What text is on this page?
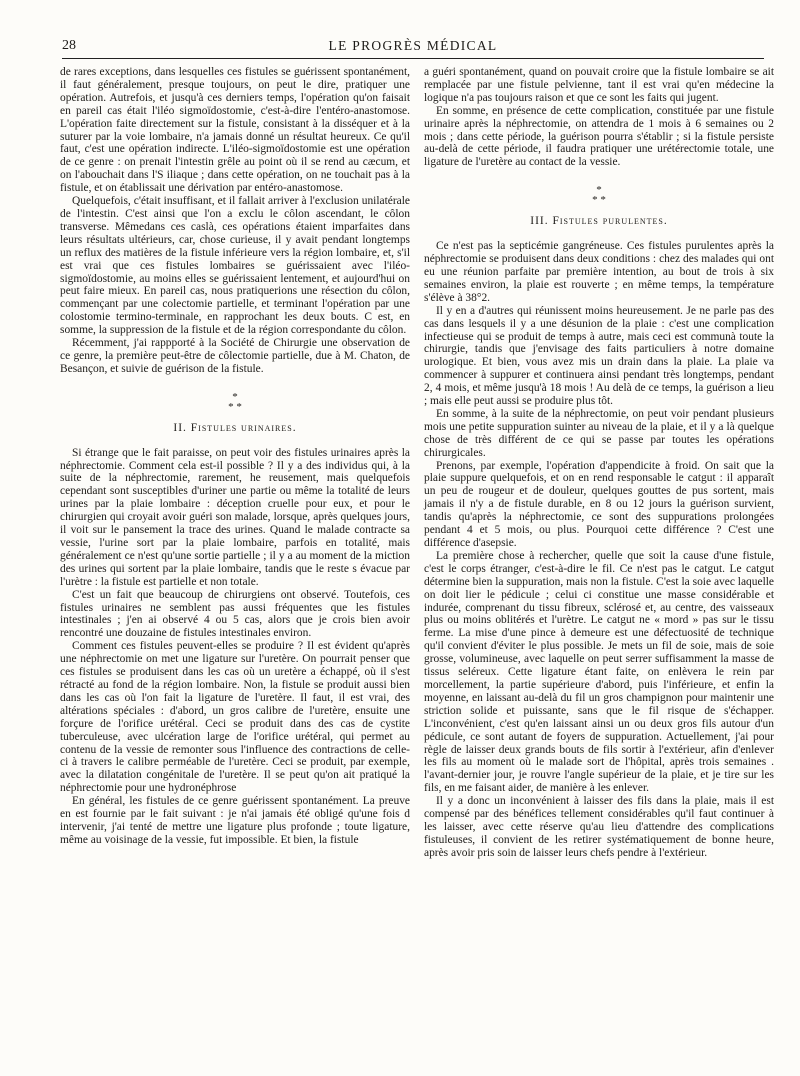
28	LE PROGRÈS MÉDICAL

de rares exceptions, dans lesquelles ces fistules se guérissent spontanément, il faut généralement, presque toujours, on peut le dire, pratiquer une opération. Autrefois, et jusqu'à ces derniers temps, l'opération qu'on faisait en pareil cas était l'iléo sigmoïdostomie, c'est-à-dire l'entéro-anastomose. L'opération faite directement sur la fistule, consistant à la disséquer et à la suturer par la voie lombaire, n'a jamais donné un résultat heureux. Ce qu'il faut, c'est une opération indirecte. L'iléo-sigmoïdostomie est une opération de ce genre : on prenait l'intestin grêle au point où il se rend au cæcum, et on l'abouchait dans l'S iliaque ; dans cette opération, on ne touchait pas à la fistule, et on établissait une dérivation par entéro-anastomose.

Quelquefois, c'était insuffisant, et il fallait arriver à l'exclusion unilatérale de l'intestin. C'est ainsi que l'on a exclu le côlon ascendant, le côlon transverse. Mêmedans ces caslà, ces opérations étaient imparfaites dans leurs résultats ultérieurs, car, chose curieuse, il y avait pendant longtemps un reflux des matières de la fistule inférieure vers la région lombaire, et, s'il est vrai que ces fistules lombaires se guérissaient avec l'iléo-sigmoïdostomie, au moins elles se guérissaient lentement, et aujourd'hui on peut faire mieux. En pareil cas, nous pratiquerions une résection du côlon, commençant par une colectomie partielle, et terminant l'opération par une colostomie termino-terminale, en rapprochant les deux bouts. C est, en somme, la suppression de la fistule et de la région correspondante du côlon.

Récemment, j'ai rappporté à la Société de Chirurgie une observation de ce genre, la première peut-être de côlectomie partielle, due à M. Chaton, de Besançon, et suivie de guérison de la fistule.

*
* *
II. Fistules urinaires.

Si étrange que le fait paraisse, on peut voir des fistules urinaires après la néphrectomie. Comment cela est-il possible ? Il y a des individus qui, à la suite de la néphrectomie, rarement, he reusement, mais quelquefois cependant sont susceptibles d'uriner une partie ou même la totalité de leurs urines par la plaie lombaire : déception cruelle pour eux, et pour le chirurgien qui croyait avoir guéri son malade, lorsque, après quelques jours, il voit sur le pansement la trace des urines. Quand le malade contracte sa vessie, l'urine sort par la plaie lombaire, parfois en totalité, mais généralement ce n'est qu'une sortie partielle ; il y a au moment de la miction des urines qui sortent par la plaie lombaire, tandis que le reste s évacue par l'urètre : la fistule est partielle et non totale.

C'est un fait que beaucoup de chirurgiens ont observé. Toutefois, ces fistules urinaires ne semblent pas aussi fréquentes que les fistules intestinales ; j'en ai observé 4 ou 5 cas, alors que je crois bien avoir rencontré une douzaine de fistules intestinales environ.

Comment ces fistules peuvent-elles se produire ? Il est évident qu'après une néphrectomie on met une ligature sur l'uretère. On pourrait penser que ces fistules se produisent dans les cas où un uretère a échappé, où il s'est rétracté au fond de la région lombaire. Non, la fistule se produit aussi bien dans les cas où l'on fait la ligature de l'uretère. Il faut, il est vrai, des altérations spéciales : d'abord, un gros calibre de l'uretère, ensuite une forçure de l'orifice urétéral. Ceci se produit dans des cas de cystite tuberculeuse, avec ulcération large de l'orifice urétéral, qui permet au contenu de la vessie de remonter sous l'influence des contractions de celle-ci à travers le calibre perméable de l'uretère. Ceci se produit, par exemple, avec la dilatation congénitale de l'uretère. Il se peut qu'on ait pratiqué la néphrectomie pour une hydronéphrose

En général, les fistules de ce genre guérissent spontanément. La preuve en est fournie par le fait suivant : je n'ai jamais été obligé qu'une fois d intervenir, j'ai tenté de mettre une ligature plus profonde ; toute ligature, même au voisinage de la vessie, fut impossible. Et bien, la fistule

a guéri spontanément, quand on pouvait croire que la fistule lombaire se ait remplacée par une fistule pelvienne, tant il est vrai qu'en médecine la logique n'a pas toujours raison et que ce sont les faits qui jugent.

En somme, en présence de cette complication, constituée par une fistule urinaire après la néphrectomie, on attendra de 1 mois à 6 semaines ou 2 mois ; dans cette période, la guérison pourra s'établir ; si la fistule persiste au-delà de cette période, il faudra pratiquer une urétérectomie totale, une ligature de l'uretère au contact de la vessie.

*
* *
III. Fistules purulentes.

Ce n'est pas la septicémie gangréneuse. Ces fistules purulentes après la néphrectomie se produisent dans deux conditions : chez des malades qui ont eu une réunion parfaite par première intention, au bout de trois à six semaines environ, la plaie est rouverte ; en même temps, la température s'élève à 38°2.

Il y en a d'autres qui réunissent moins heureusement. Je ne parle pas des cas dans lesquels il y a une désunion de la plaie : c'est une complication infectieuse qui se produit de temps à autre, mais ceci est communà toute la chirurgie, tandis que j'envisage des faits particuliers à notre domaine urologique. Et bien, vous avez mis un drain dans la plaie. La plaie va commencer à suppurer et continuera ainsi pendant très longtemps, pendant 2, 4 mois, et même jusqu'à 18 mois ! Au delà de ce temps, la guérison a lieu ; mais elle peut aussi se produire plus tôt.

En somme, à la suite de la néphrectomie, on peut voir pendant plusieurs mois une petite suppuration suinter au niveau de la plaie, et il y a là quelque chose de très différent de ce qui se passe par toutes les opérations chirurgicales.

Prenons, par exemple, l'opération d'appendicite à froid. On sait que la plaie suppure quelquefois, et on en rend responsable le catgut : il apparaît un peu de rougeur et de douleur, quelques gouttes de pus sortent, mais jamais il n'y a de fistule durable, en 8 ou 12 jours la guérison survient, tandis qu'après la néphrectomie, ce sont des suppurations prolongées pendant 4 et 5 mois, ou plus. Pourquoi cette différence ? C'est une différence d'asepsie.

La première chose à rechercher, quelle que soit la cause d'une fistule, c'est le corps étranger, c'est-à-dire le fil. Ce n'est pas le catgut. Le catgut détermine bien la suppuration, mais non la fistule. C'est la soie avec laquelle on doit lier le pédicule ; celui ci constitue une masse considérable et indurée, comprenant du tissu fibreux, sclérosé et, au centre, des vaisseaux plus ou moins oblitérés et l'urètre. Le catgut ne « mord » pas sur le tissu ferme. La mise d'une pince à demeure est une défectuosité de technique qu'il convient d'éviter le plus possible. Je mets un fil de soie, mais de soie grosse, volumineuse, avec laquelle on peut serrer suffisamment la masse de tissus seléreux. Cette ligature étant faite, on enlèvera le rein par morcellement, la partie supérieure d'abord, puis l'inférieure, et enfin la moyenne, en laissant au-delà du fil un gros champignon pour maintenir une striction solide et puissante, sans que le fil risque de s'échapper. L'inconvénient, c'est qu'en laissant ainsi un ou deux gros fils autour d'un pédicule, ce sont autant de foyers de suppuration. Actuellement, j'ai pour règle de laisser deux grands bouts de fils sortir à l'extérieur, afin d'enlever les fils au moment où le malade sort de l'hôpital, après trois semaines . l'avant-dernier jour, je rouvre l'angle supérieur de la plaie, et je tire sur les fils, en me faisant aider, de manière à les enlever.

Il y a donc un inconvénient à laisser des fils dans la plaie, mais il est compensé par des bénéfices tellement considérables qu'il faut continuer à les laisser, avec cette réserve qu'au lieu d'attendre des complications fistuleuses, il convient de les retirer systématiquement de bonne heure, après avoir pris soin de laisser leurs chefs pendre à l'extérieur.
